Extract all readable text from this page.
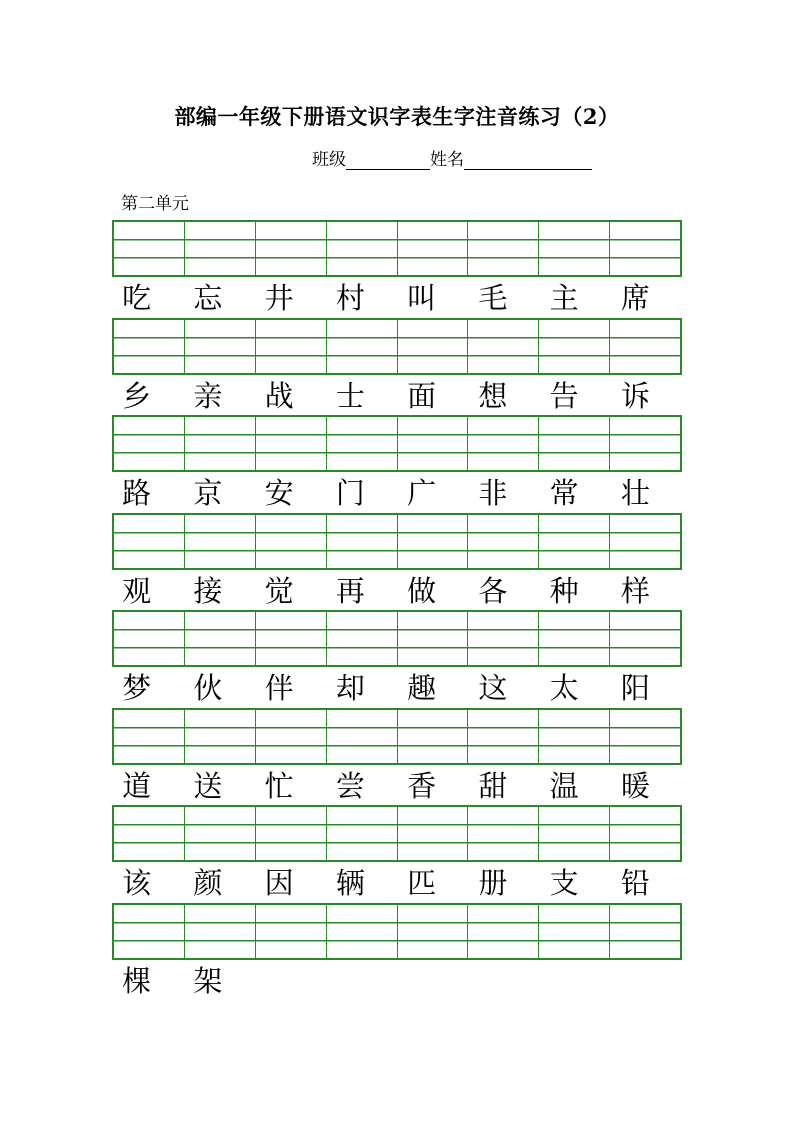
部编一年级下册语文识字表生字注音练习（2）
班级	姓名
第二单元
吃	忘	井	村	叫	毛	主	席
乡	亲	战	士	面	想	告	诉
路	京	安	门	广	非	常	壮
观	接	觉	再	做	各	种	样
梦	伙	伴	却	趣	这	太	阳
道	送	忙	尝	香	甜	温	暖
该	颜	因	辆	匹	册	支	铅
棵	架
